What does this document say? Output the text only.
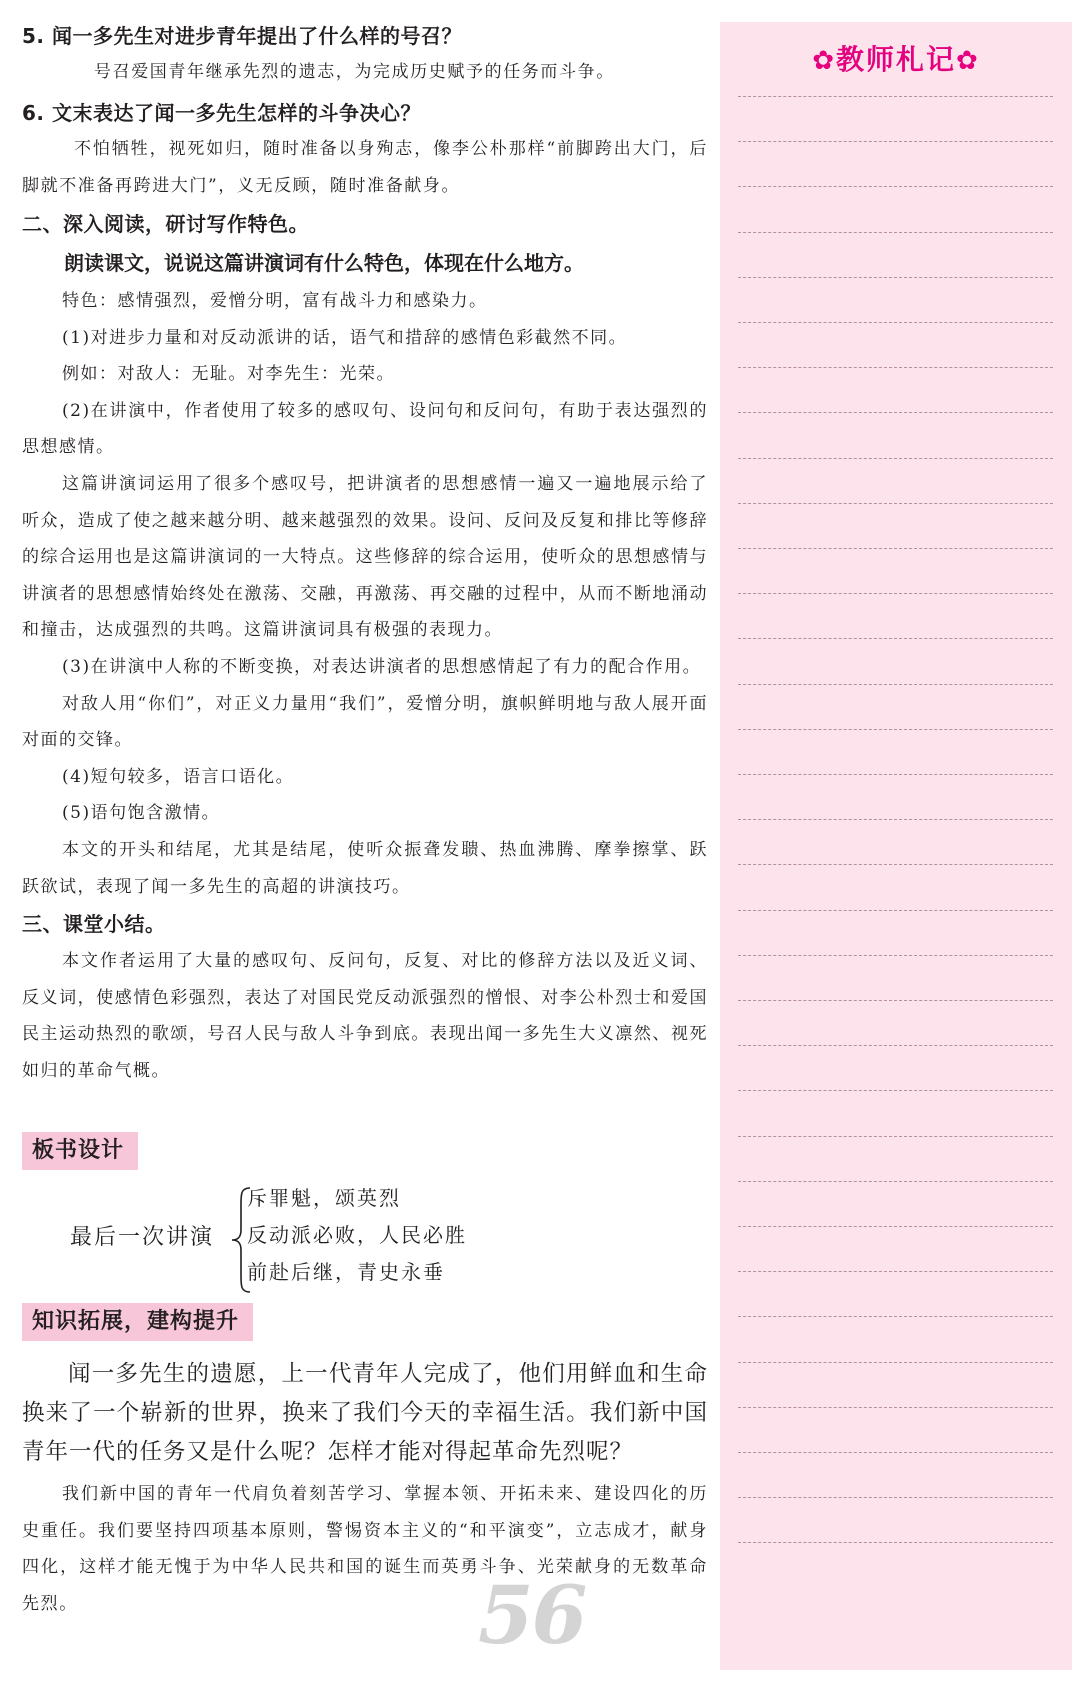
5. 闻一多先生对进步青年提出了什么样的号召？

号召爱国青年继承先烈的遗志，为完成历史赋予的任务而斗争。

6. 文末表达了闻一多先生怎样的斗争决心？

不怕牺牲，视死如归，随时准备以身殉志，像李公朴那样“前脚跨出大门，后脚就不准备再跨进大门”，义无反顾，随时准备献身。

二、深入阅读，研讨写作特色。

朗读课文，说说这篇讲演词有什么特色，体现在什么地方。

特色：感情强烈，爱憎分明，富有战斗力和感染力。

(1)对进步力量和对反动派讲的话，语气和措辞的感情色彩截然不同。

例如：对敌人：无耻。对李先生：光荣。

(2)在讲演中，作者使用了较多的感叹句、设问句和反问句，有助于表达强烈的思想感情。

这篇讲演词运用了很多个感叹号，把讲演者的思想感情一遍又一遍地展示给了听众，造成了使之越来越分明、越来越强烈的效果。设问、反问及反复和排比等修辞的综合运用也是这篇讲演词的一大特点。这些修辞的综合运用，使听众的思想感情与讲演者的思想感情始终处在激荡、交融，再激荡、再交融的过程中，从而不断地涌动和撞击，达成强烈的共鸣。这篇讲演词具有极强的表现力。

(3)在讲演中人称的不断变换，对表达讲演者的思想感情起了有力的配合作用。

对敌人用“你们”，对正义力量用“我们”，爱憎分明，旗帜鲜明地与敌人展开面对面的交锋。

(4)短句较多，语言口语化。

(5)语句饱含激情。

本文的开头和结尾，尤其是结尾，使听众振聋发聩、热血沸腾、摩拳擦掌、跃跃欲试，表现了闻一多先生的高超的讲演技巧。

三、课堂小结。

本文作者运用了大量的感叹句、反问句，反复、对比的修辞方法以及近义词、反义词，使感情色彩强烈，表达了对国民党反动派强烈的憎恨、对李公朴烈士和爱国民主运动热烈的歌颂，号召人民与敌人斗争到底。表现出闻一多先生大义凛然、视死如归的革命气概。

板书设计
最后一次讲演
斥罪魁，颂英烈
反动派必败，人民必胜
前赴后继，青史永垂
知识拓展，建构提升

闻一多先生的遗愿，上一代青年人完成了，他们用鲜血和生命换来了一个崭新的世界，换来了我们今天的幸福生活。我们新中国青年一代的任务又是什么呢？怎样才能对得起革命先烈呢？

我们新中国的青年一代肩负着刻苦学习、掌握本领、开拓未来、建设四化的历史重任。我们要坚持四项基本原则，警惕资本主义的“和平演变”，立志成才，献身四化，这样才能无愧于为中华人民共和国的诞生而英勇斗争、光荣献身的无数革命先烈。	56
✿教师札记✿
